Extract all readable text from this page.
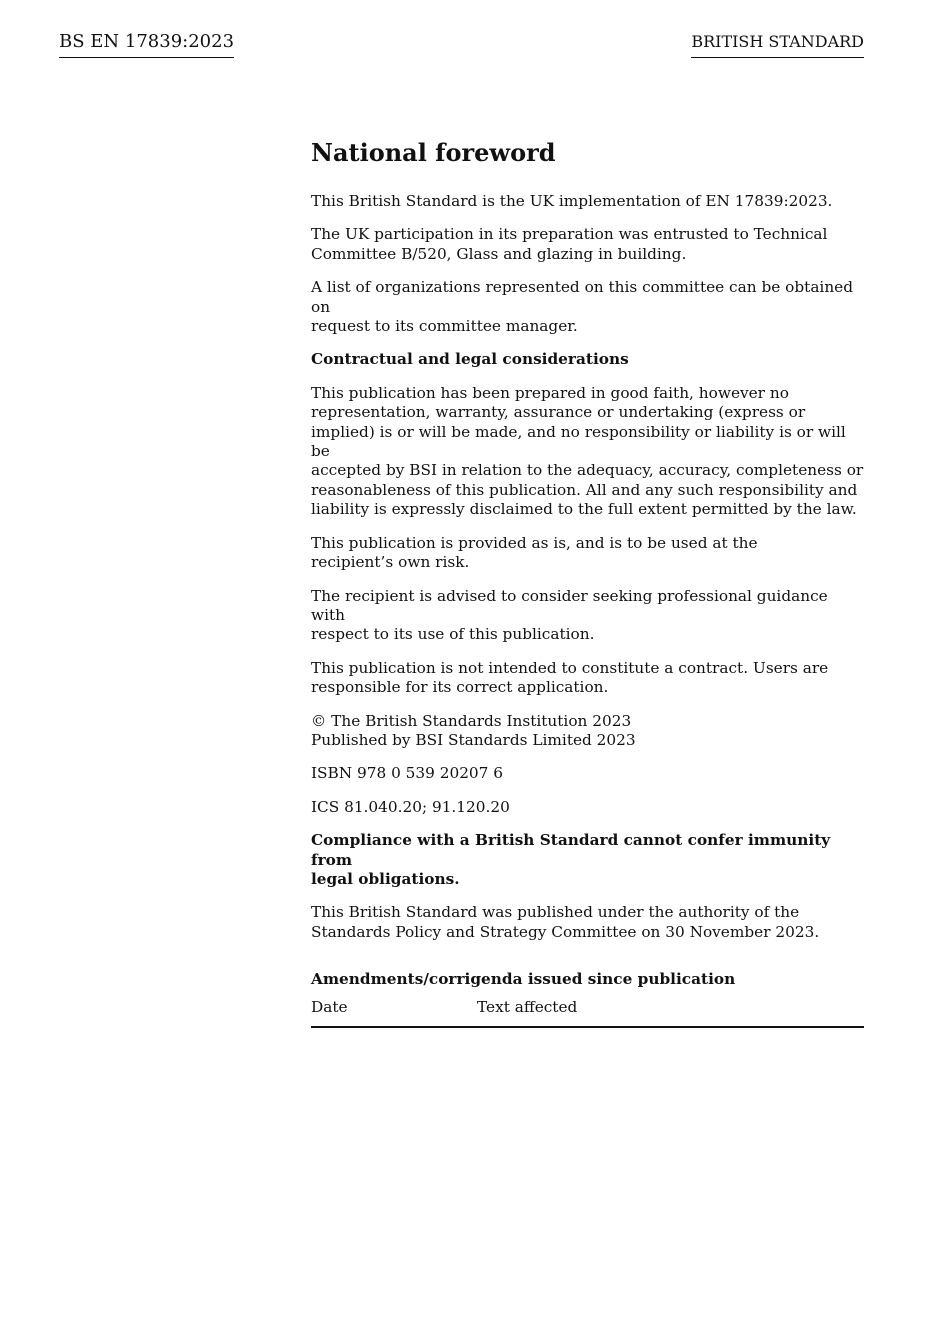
BS EN 17839:2023	BRITISH STANDARD
National foreword

This British Standard is the UK implementation of EN 17839:2023.

The UK participation in its preparation was entrusted to Technical
Committee B/520, Glass and glazing in building.

A list of organizations represented on this committee can be obtained on
request to its committee manager.

Contractual and legal considerations

This publication has been prepared in good faith, however no
representation, warranty, assurance or undertaking (express or
implied) is or will be made, and no responsibility or liability is or will be
accepted by BSI in relation to the adequacy, accuracy, completeness or
reasonableness of this publication. All and any such responsibility and
liability is expressly disclaimed to the full extent permitted by the law.

This publication is provided as is, and is to be used at the
recipient’s own risk.

The recipient is advised to consider seeking professional guidance with
respect to its use of this publication.

This publication is not intended to constitute a contract. Users are
responsible for its correct application.

© The British Standards Institution 2023
Published by BSI Standards Limited 2023

ISBN 978 0 539 20207 6

ICS 81.040.20; 91.120.20

Compliance with a British Standard cannot confer immunity from
legal obligations.

This British Standard was published under the authority of the
Standards Policy and Strategy Committee on 30 November 2023.

Amendments/corrigenda issued since publication
Date	Text affected
